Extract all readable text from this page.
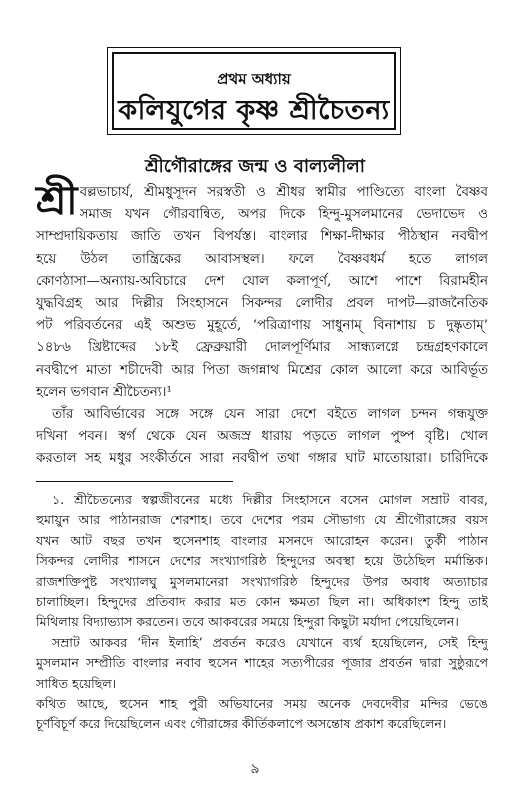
প্রথম অধ্যায়
কলিযুগের কৃষ্ণ শ্রীচৈতন্য
শ্রীগৌরাঙ্গের জন্ম ও বাল্যলীলা
শ্রী বল্লভাচার্য, শ্রীমধুসূদন সরস্বতী ও শ্রীধর স্বামীর পাণ্ডিত্যে বাংলা বৈষ্ণব
সমাজ যখন গৌরবান্বিত, অপর দিকে হিন্দু-মুসলমানের ভেদাভেদ ও
সাম্প্রদায়িকতায় জাতি তখন বিপর্যস্ত। বাংলার শিক্ষা-দীক্ষার পীঠস্থান নবদ্বীপ
হয়ে উঠল তান্ত্রিকের আবাসস্থল। ফলে বৈষ্ণবধর্ম হতে লাগল
কোণঠাসা—অন্যায়-অবিচারে দেশ যোল কলাপূর্ণ, আশে পাশে বিরামহীন
যুদ্ধবিগ্রহ আর দিল্লীর সিংহাসনে সিকন্দর লোদীর প্রবল দাপট—রাজনৈতিক
পট পরিবর্তনের এই অশুভ মুহূর্তে, ‘পরিত্রাণায় সাধুনাম্ বিনাশায় চ দুষ্কৃতাম্’
১৪৮৬ খ্রিষ্টাব্দের ১৮ই ফ্রেব্রুয়ারী দোলপূর্ণিমার সান্ধ্যলগ্নে চন্দ্রগ্রহণকালে
নবদ্বীপে মাতা শচীদেবী আর পিতা জগন্নাথ মিশ্রের কোল আলো করে আবির্ভূত
হলেন ভগবান শ্রীচৈতন্য।¹
তাঁর আবির্ভাবের সঙ্গে সঙ্গে যেন সারা দেশে বইতে লাগল চন্দন গন্ধযুক্ত
দখিনা পবন। স্বর্গ থেকে যেন অজস্র ধারায় পড়তে লাগল পুষ্প বৃষ্টি। খোল
করতাল সহ মধুর সংকীর্তনে সারা নবদ্বীপ তথা গঙ্গার ঘাট মাতোয়ারা। চারিদিকে
১. শ্রীচৈতন্যের স্বল্পজীবনের মধ্যে দিল্লীর সিংহাসনে বসেন মোগল সম্রাট বাবর,
হুমায়ুন আর পাঠানরাজ শেরশাহ। তবে দেশের পরম সৌভাগ্য যে শ্রীগৌরাঙ্গের বয়স
যখন আট বছর তখন হুসেনশাহ বাংলার মসনদে আরোহন করেন। তুর্কী পাঠান
সিকন্দর লোদীর শাসনে দেশের সংখ্যাগরিষ্ঠ হিন্দুদের অবস্থা হয়ে উঠেছিল মর্মান্তিক।
রাজশক্তিপুষ্ট সংখ্যালঘু মুসলমানেরা সংখ্যাগরিষ্ঠ হিন্দুদের উপর অবাধ অত্যাচার
চালাচ্ছিল। হিন্দুদের প্রতিবাদ করার মত কোন ক্ষমতা ছিল না। অধিকাংশ হিন্দু তাই
মিথিলায় বিদ্যাভ্যাস করতেন। তবে আকবরের সময়ে হিন্দুরা কিছুটা মর্যাদা পেয়েছিলেন।
সম্রাট আকবর ‘দীন ইলাহি’ প্রবর্তন করেও যেখানে ব্যর্থ হয়েছিলেন, সেই হিন্দু
মুসলমান সম্প্রীতি বাংলার নবাব হুসেন শাহের সত্যপীরের পূজার প্রবর্তন দ্বারা সুষ্ঠুরূপে
সাধিত হয়েছিল।
কথিত আছে, হুসেন শাহ পুরী অভিযানের সময় অনেক দেবদেবীর মন্দির ভেঙে
চূর্ণবিচূর্ণ করে দিয়েছিলেন এবং গৌরাঙ্গের কীর্তিকলাপে অসন্তোষ প্রকাশ করেছিলেন।
৯
